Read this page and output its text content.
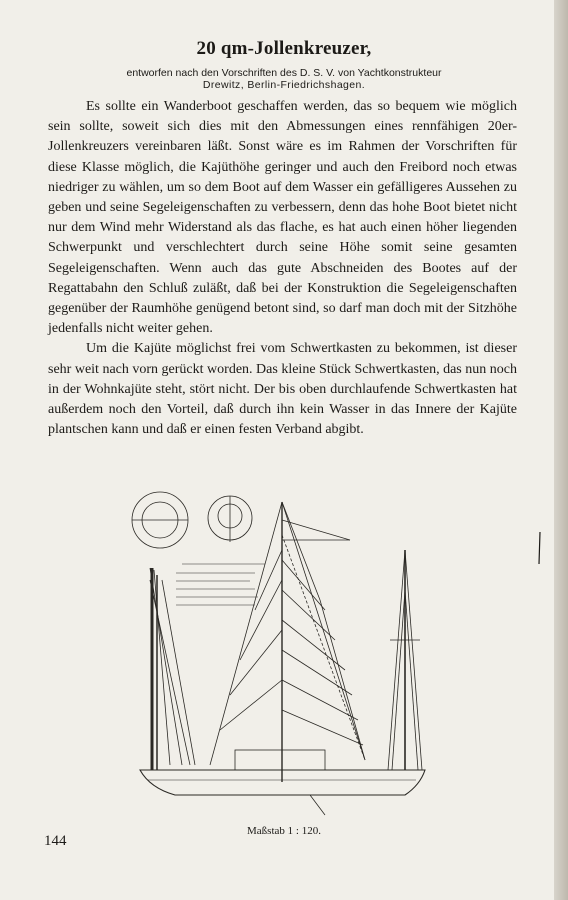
20 qm-Jollenkreuzer,
entworfen nach den Vorschriften des D. S. V. von Yachtkonstrukteur
Drewitz, Berlin-Friedrichshagen.

Es sollte ein Wanderboot geschaffen werden, das so bequem wie möglich sein sollte, soweit sich dies mit den Abmessungen eines rennfähigen 20er-Jollenkreuzers vereinbaren läßt. Sonst wäre es im Rahmen der Vorschriften für diese Klasse möglich, die Kajüthöhe geringer und auch den Freibord noch etwas niedriger zu wählen, um so dem Boot auf dem Wasser ein gefälligeres Aussehen zu geben und seine Segeleigenschaften zu verbessern, denn das hohe Boot bietet nicht nur dem Wind mehr Widerstand als das flache, es hat auch einen höher liegenden Schwerpunkt und verschlechtert durch seine Höhe somit seine gesamten Segeleigenschaften. Wenn auch das gute Abschneiden des Bootes auf der Regattabahn den Schluß zuläßt, daß bei der Konstruktion die Segeleigenschaften gegenüber der Raumhöhe genügend betont sind, so darf man doch mit der Sitzhöhe jedenfalls nicht weiter gehen.

Um die Kajüte möglichst frei vom Schwertkasten zu bekommen, ist dieser sehr weit nach vorn gerückt worden. Das kleine Stück Schwertkasten, das nun noch in der Wohnkajüte steht, stört nicht. Der bis oben durchlaufende Schwertkasten hat außerdem noch den Vorteil, daß durch ihn kein Wasser in das Innere der Kajüte plantschen kann und daß er einen festen Verband abgibt.

Maßstab 1 : 120.
144
